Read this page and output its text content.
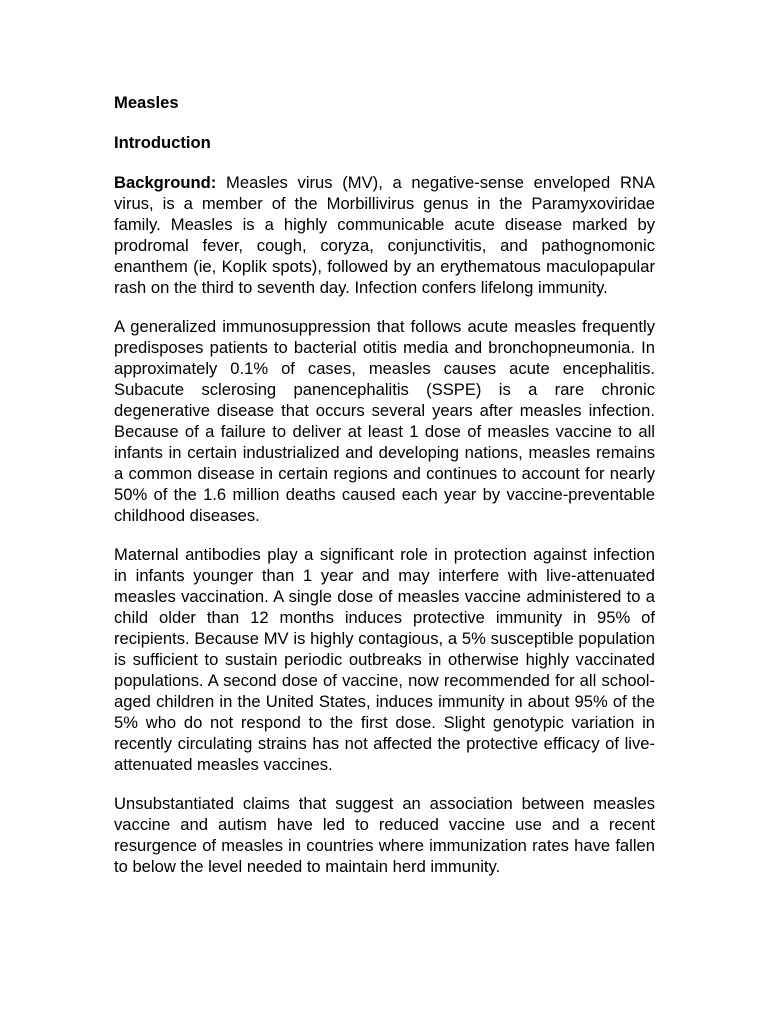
Measles
Introduction

Background: Measles virus (MV), a negative-sense enveloped RNA virus, is a member of the Morbillivirus genus in the Paramyxoviridae family. Measles is a highly communicable acute disease marked by prodromal fever, cough, coryza, conjunctivitis, and pathognomonic enanthem (ie, Koplik spots), followed by an erythematous maculopapular rash on the third to seventh day. Infection confers lifelong immunity.

A generalized immunosuppression that follows acute measles frequently predisposes patients to bacterial otitis media and bronchopneumonia. In approximately 0.1% of cases, measles causes acute encephalitis. Subacute sclerosing panencephalitis (SSPE) is a rare chronic degenerative disease that occurs several years after measles infection. Because of a failure to deliver at least 1 dose of measles vaccine to all infants in certain industrialized and developing nations, measles remains a common disease in certain regions and continues to account for nearly 50% of the 1.6 million deaths caused each year by vaccine-preventable childhood diseases.

Maternal antibodies play a significant role in protection against infection in infants younger than 1 year and may interfere with live-attenuated measles vaccination. A single dose of measles vaccine administered to a child older than 12 months induces protective immunity in 95% of recipients. Because MV is highly contagious, a 5% susceptible population is sufficient to sustain periodic outbreaks in otherwise highly vaccinated populations. A second dose of vaccine, now recommended for all school-aged children in the United States, induces immunity in about 95% of the 5% who do not respond to the first dose. Slight genotypic variation in recently circulating strains has not affected the protective efficacy of live-attenuated measles vaccines.

Unsubstantiated claims that suggest an association between measles vaccine and autism have led to reduced vaccine use and a recent resurgence of measles in countries where immunization rates have fallen to below the level needed to maintain herd immunity.
